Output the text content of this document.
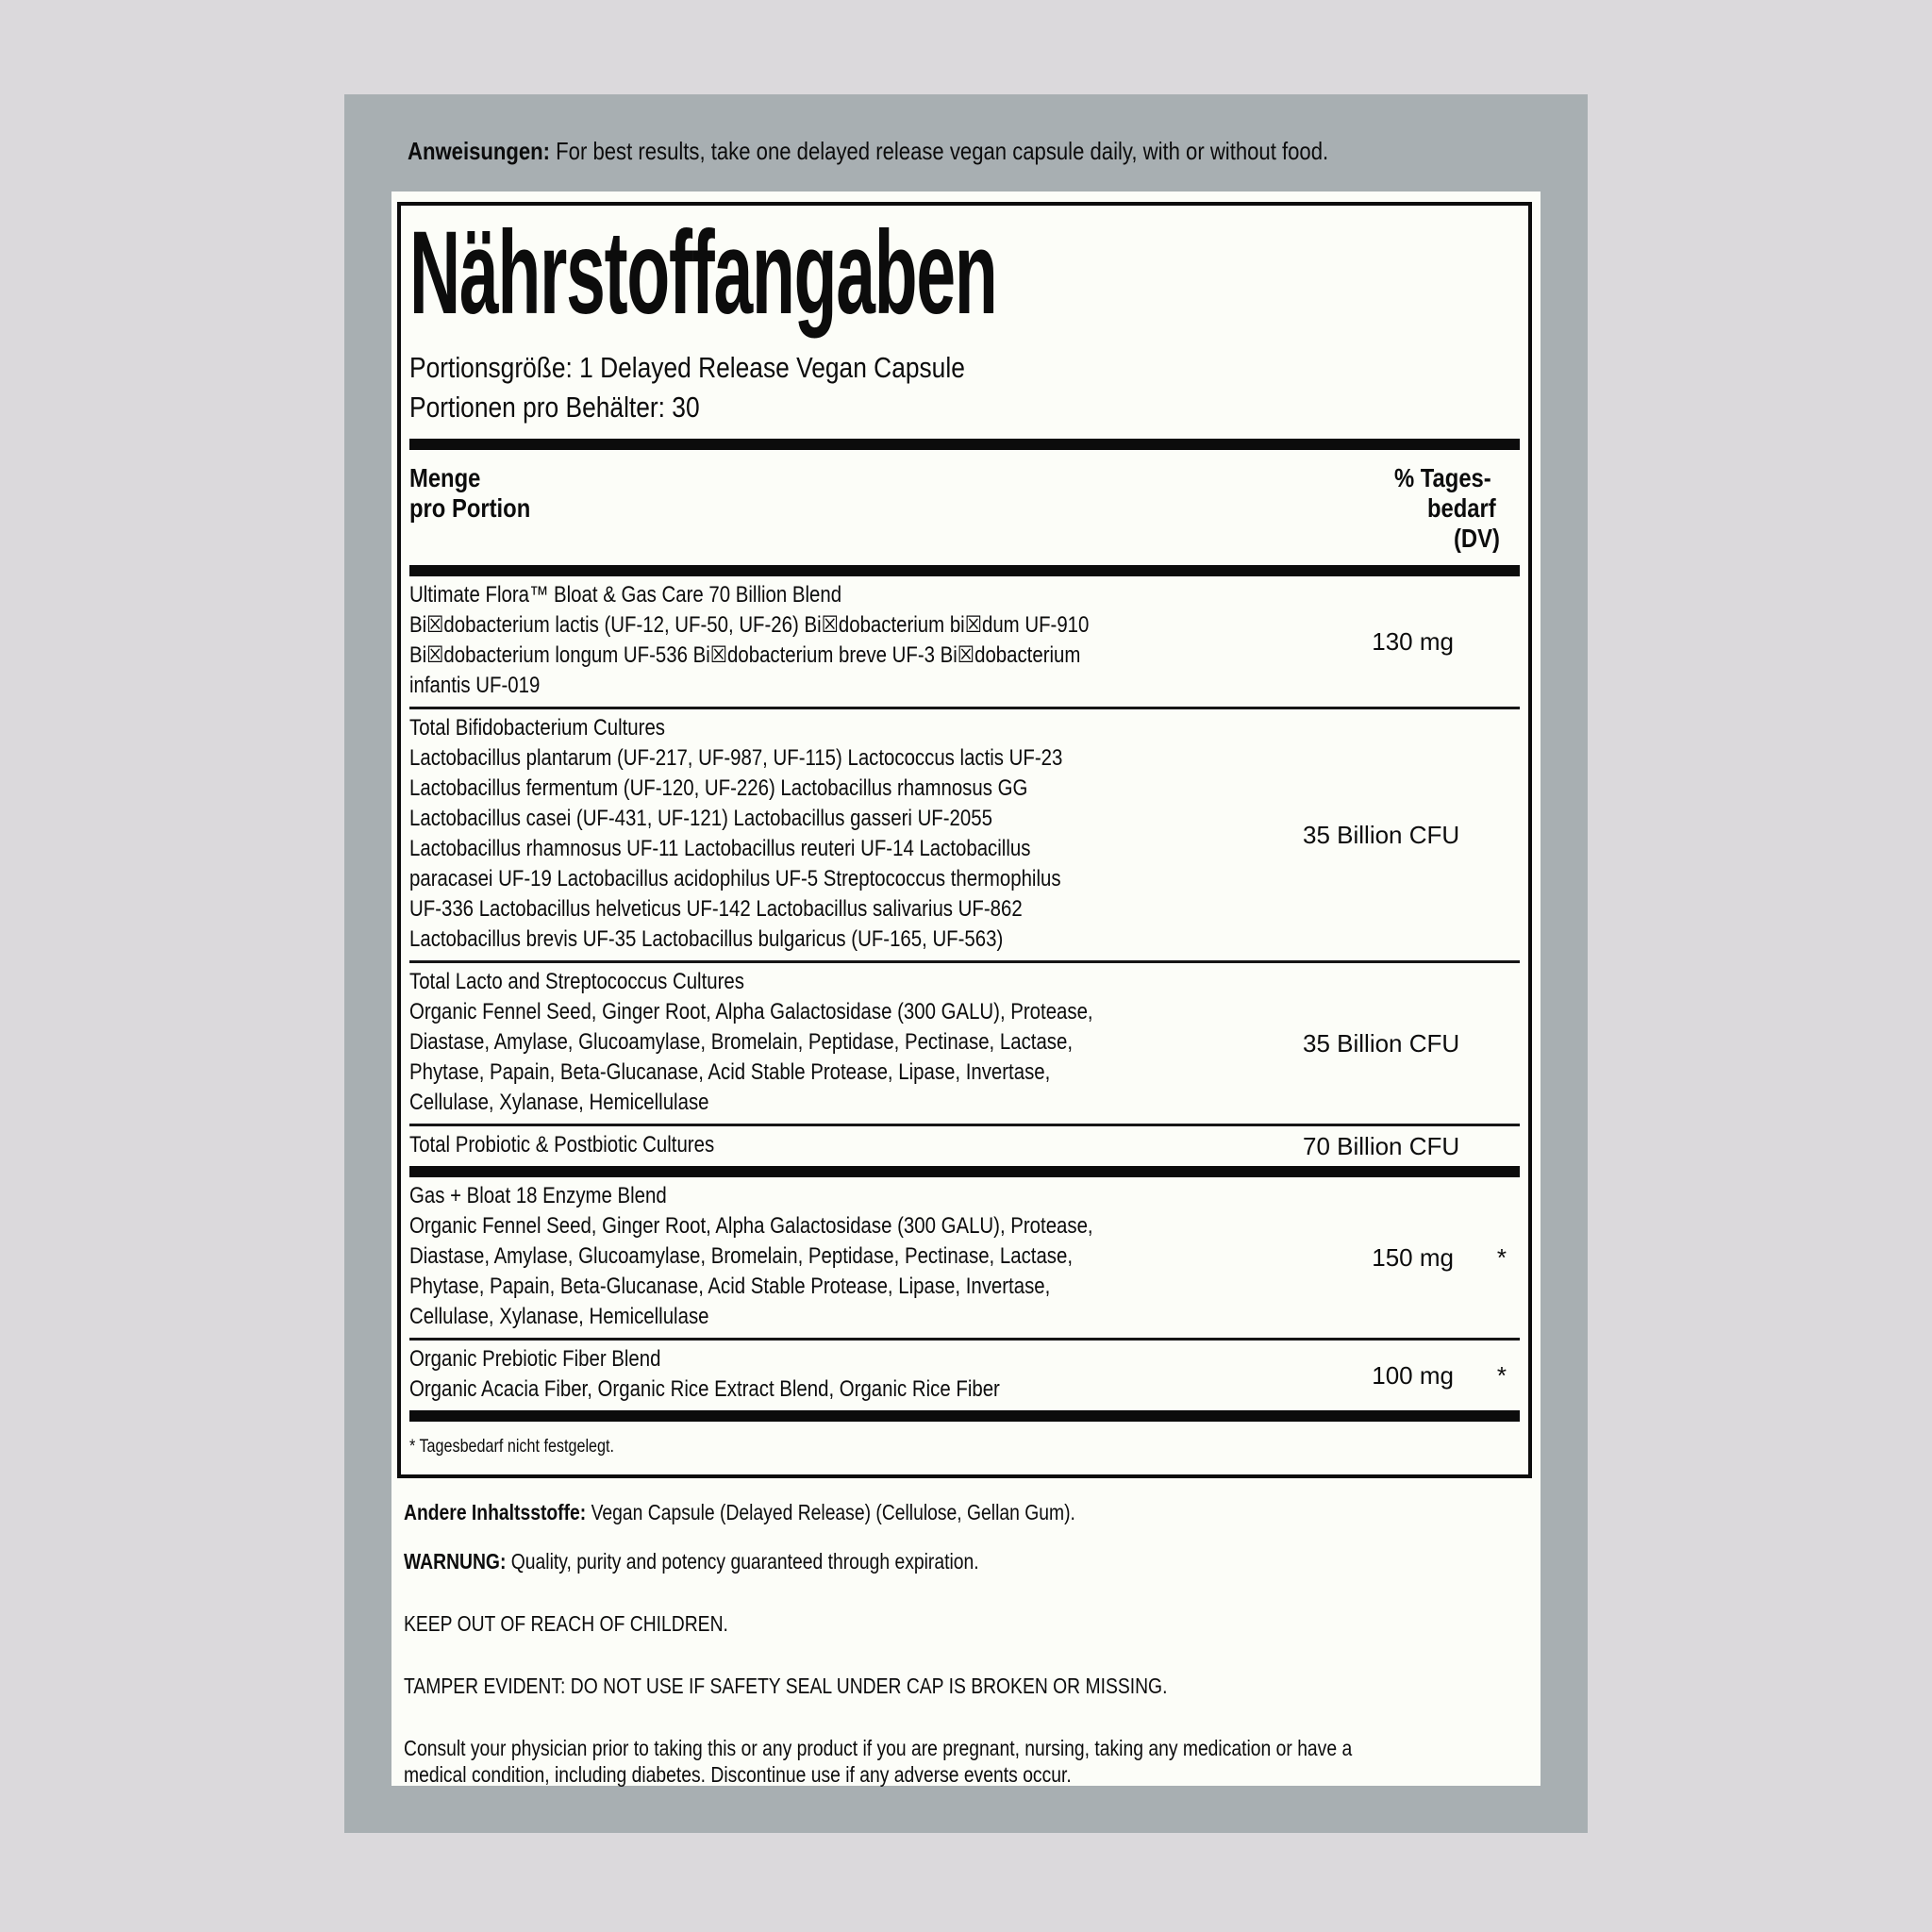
Anweisungen: For best results, take one delayed release vegan capsule daily, with or without food.
Nährstoffangaben
Portionsgröße: 1 Delayed Release Vegan Capsule
Portionen pro Behälter: 30
Menge
pro Portion
% Tages-
bedarf
(DV)
Ultimate Flora™ Bloat & Gas Care 70 Billion Blend
Bi☒dobacterium lactis (UF-12, UF-50, UF-26) Bi☒dobacterium bi☒dum UF-910
Bi☒dobacterium longum UF-536 Bi☒dobacterium breve UF-3 Bi☒dobacterium
infantis UF-019
130 mg
Total Bifidobacterium Cultures
Lactobacillus plantarum (UF-217, UF-987, UF-115) Lactococcus lactis UF-23
Lactobacillus fermentum (UF-120, UF-226) Lactobacillus rhamnosus GG
Lactobacillus casei (UF-431, UF-121) Lactobacillus gasseri UF-2055
Lactobacillus rhamnosus UF-11 Lactobacillus reuteri UF-14 Lactobacillus
paracasei UF-19 Lactobacillus acidophilus UF-5 Streptococcus thermophilus
UF-336 Lactobacillus helveticus UF-142 Lactobacillus salivarius UF-862
Lactobacillus brevis UF-35 Lactobacillus bulgaricus (UF-165, UF-563)
35 Billion CFU
Total Lacto and Streptococcus Cultures
Organic Fennel Seed, Ginger Root, Alpha Galactosidase (300 GALU), Protease,
Diastase, Amylase, Glucoamylase, Bromelain, Peptidase, Pectinase, Lactase,
Phytase, Papain, Beta-Glucanase, Acid Stable Protease, Lipase, Invertase,
Cellulase, Xylanase, Hemicellulase
35 Billion CFU
Total Probiotic & Postbiotic Cultures	70 Billion CFU
Gas + Bloat 18 Enzyme Blend
Organic Fennel Seed, Ginger Root, Alpha Galactosidase (300 GALU), Protease,
Diastase, Amylase, Glucoamylase, Bromelain, Peptidase, Pectinase, Lactase,
Phytase, Papain, Beta-Glucanase, Acid Stable Protease, Lipase, Invertase,
Cellulase, Xylanase, Hemicellulase
150 mg	*
Organic Prebiotic Fiber Blend
Organic Acacia Fiber, Organic Rice Extract Blend, Organic Rice Fiber	100 mg	*
* Tagesbedarf nicht festgelegt.
Andere Inhaltsstoffe: Vegan Capsule (Delayed Release) (Cellulose, Gellan Gum).
WARNUNG: Quality, purity and potency guaranteed through expiration.
KEEP OUT OF REACH OF CHILDREN.
TAMPER EVIDENT: DO NOT USE IF SAFETY SEAL UNDER CAP IS BROKEN OR MISSING.
Consult your physician prior to taking this or any product if you are pregnant, nursing, taking any medication or have a
medical condition, including diabetes. Discontinue use if any adverse events occur.
